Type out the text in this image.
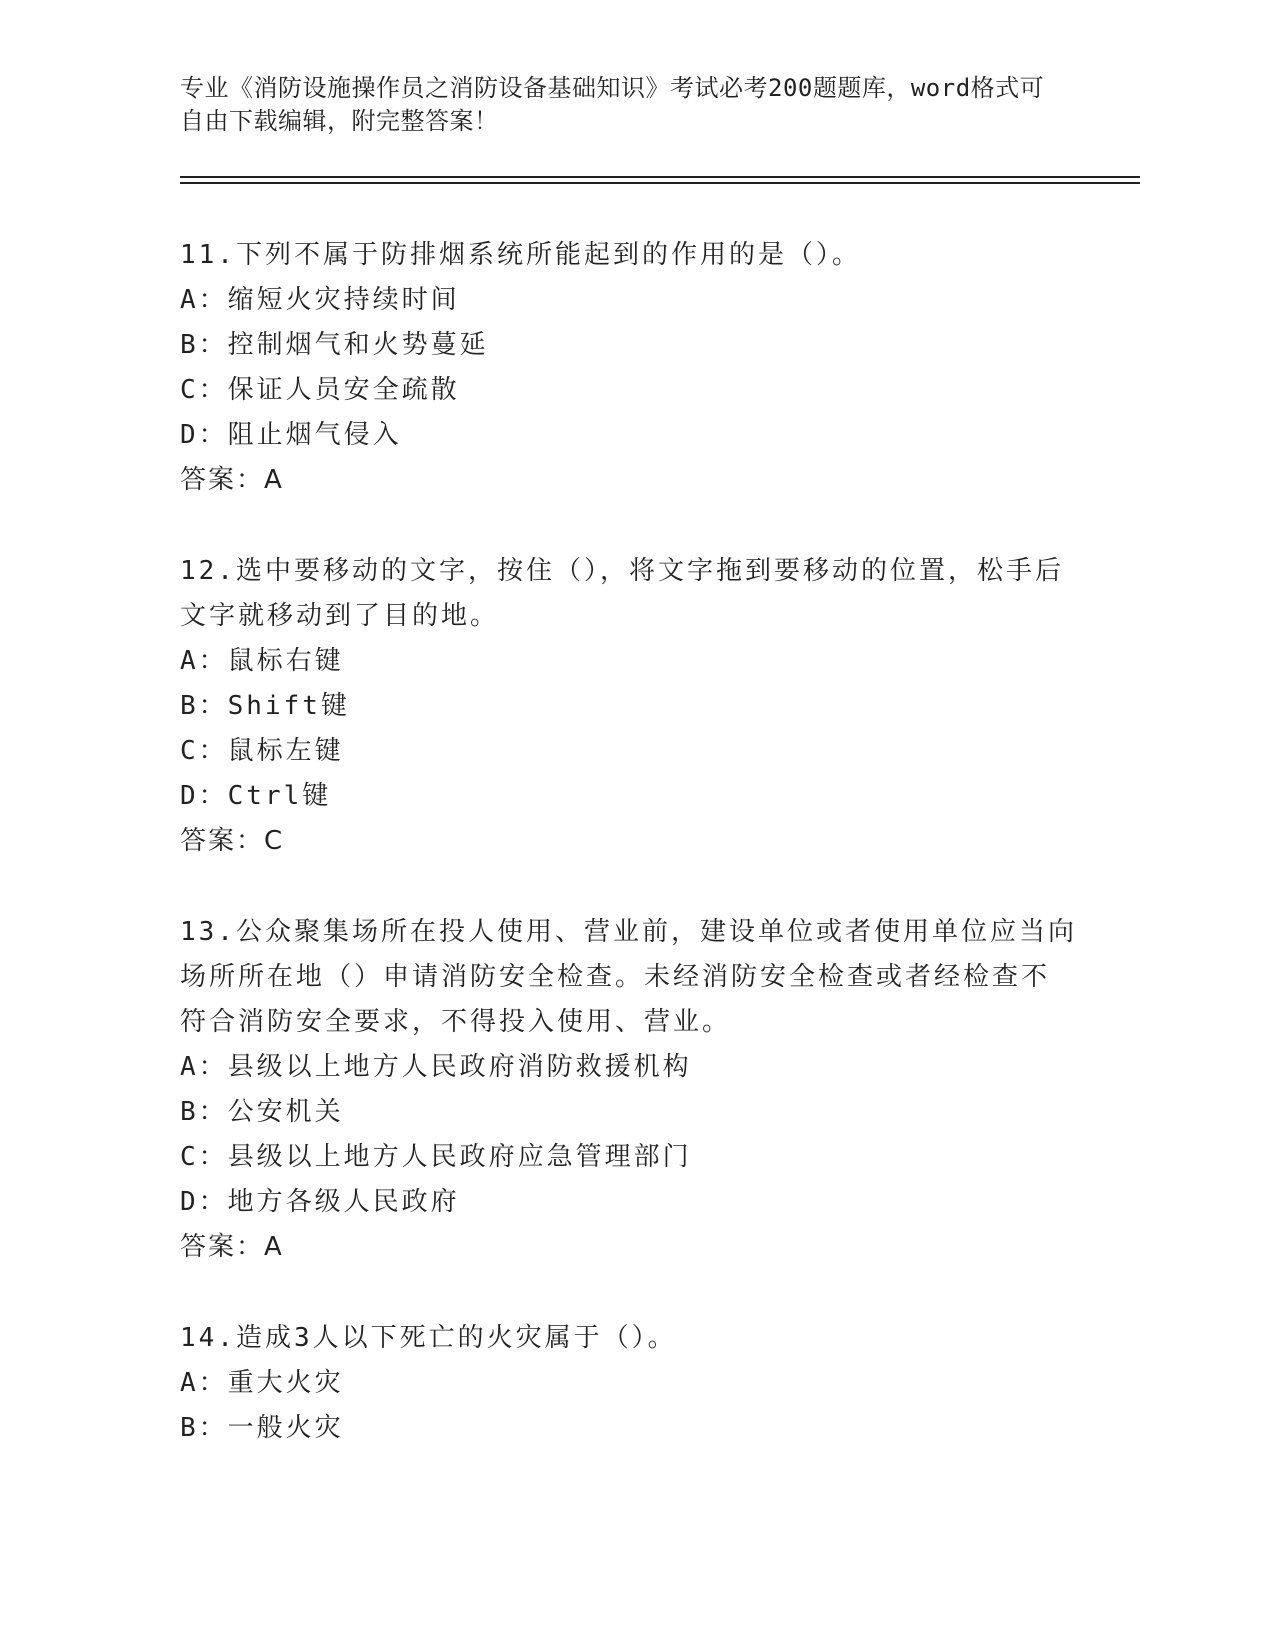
专业《消防设施操作员之消防设备基础知识》考试必考200题题库，word格式可
自由下载编辑，附完整答案！
11.下列不属于防排烟系统所能起到的作用的是（）。
A：缩短火灾持续时间
B：控制烟气和火势蔓延
C：保证人员安全疏散
D：阻止烟气侵入
答案：A
12.选中要移动的文字，按住（），将文字拖到要移动的位置，松手后
文字就移动到了目的地。
A：鼠标右键
B：Shift键
C：鼠标左键
D：Ctrl键
答案：C
13.公众聚集场所在投人使用、营业前，建设单位或者使用单位应当向
场所所在地（）申请消防安全检查。未经消防安全检查或者经检查不
符合消防安全要求，不得投入使用、营业。
A：县级以上地方人民政府消防救援机构
B：公安机关
C：县级以上地方人民政府应急管理部门
D：地方各级人民政府
答案：A
14.造成3人以下死亡的火灾属于（）。
A：重大火灾
B：一般火灾
